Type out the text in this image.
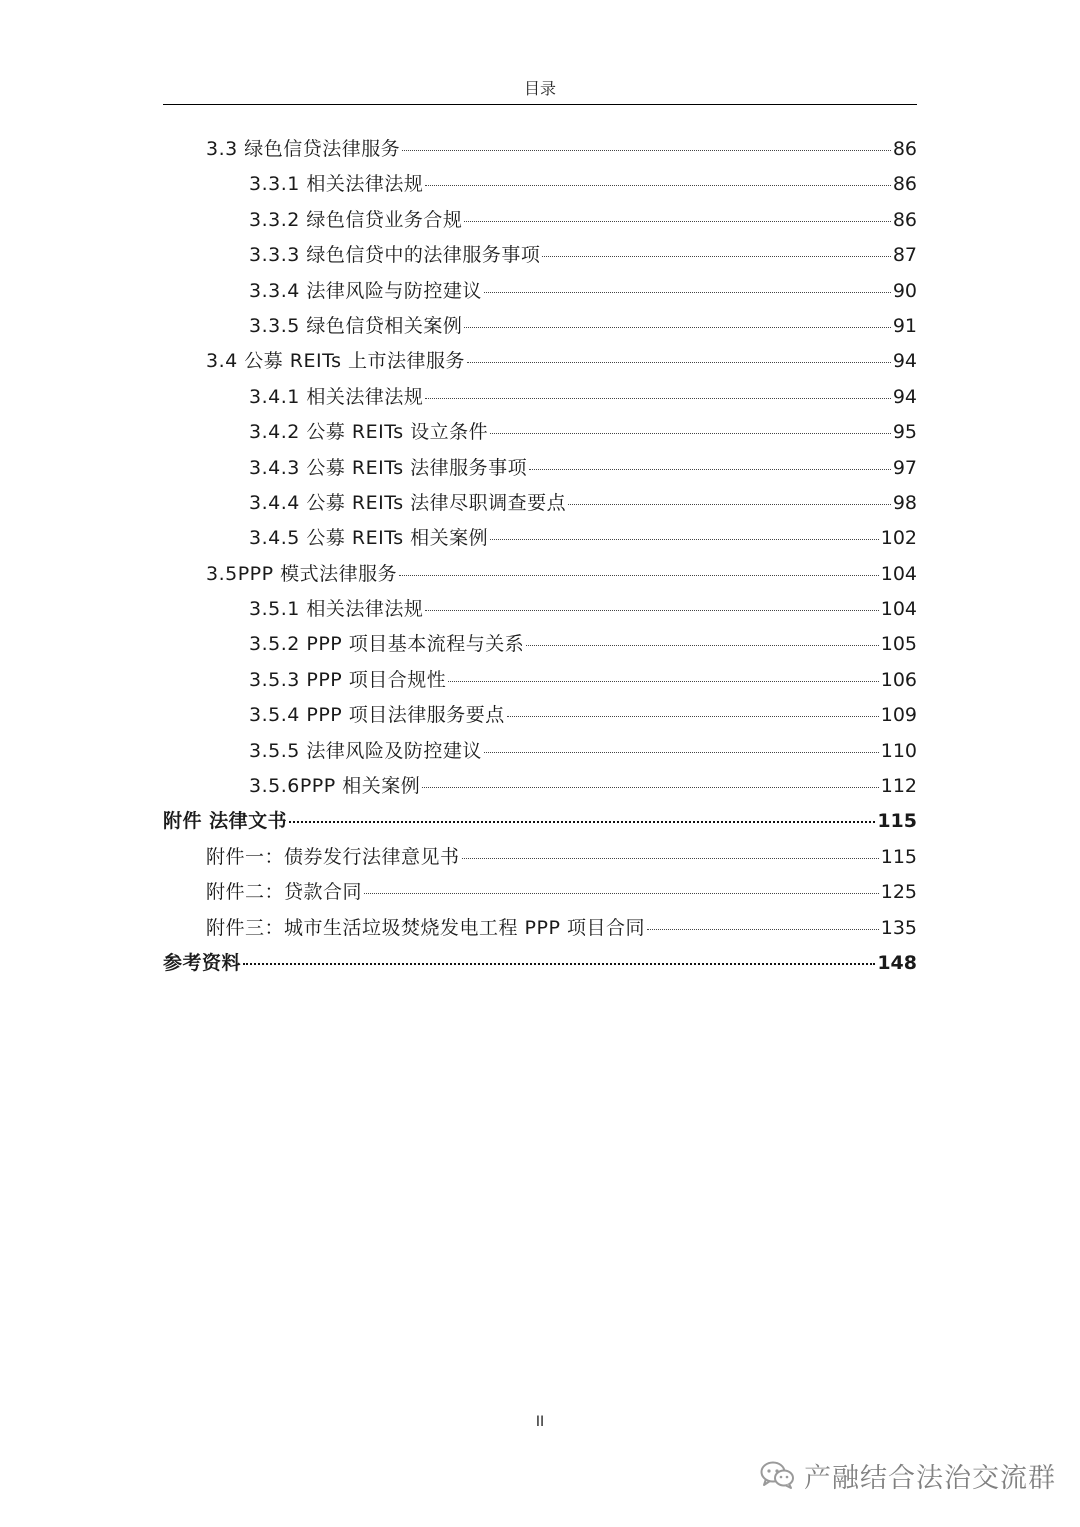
目录
3.3 绿色信贷法律服务	86
3.3.1 相关法律法规	86
3.3.2 绿色信贷业务合规	86
3.3.3 绿色信贷中的法律服务事项	87
3.3.4 法律风险与防控建议	90
3.3.5 绿色信贷相关案例	91
3.4 公募 REITs 上市法律服务	94
3.4.1 相关法律法规	94
3.4.2 公募 REITs 设立条件	95
3.4.3 公募 REITs 法律服务事项	97
3.4.4 公募 REITs 法律尽职调查要点	98
3.4.5 公募 REITs 相关案例	102
3.5PPP 模式法律服务	104
3.5.1 相关法律法规	104
3.5.2 PPP 项目基本流程与关系	105
3.5.3 PPP 项目合规性	106
3.5.4 PPP 项目法律服务要点	109
3.5.5 法律风险及防控建议	110
3.5.6PPP 相关案例	112
附件 法律文书	115
附件一：债券发行法律意见书	115
附件二：贷款合同	125
附件三：城市生活垃圾焚烧发电工程 PPP 项目合同	135
参考资料	148
II
产融结合法治交流群
